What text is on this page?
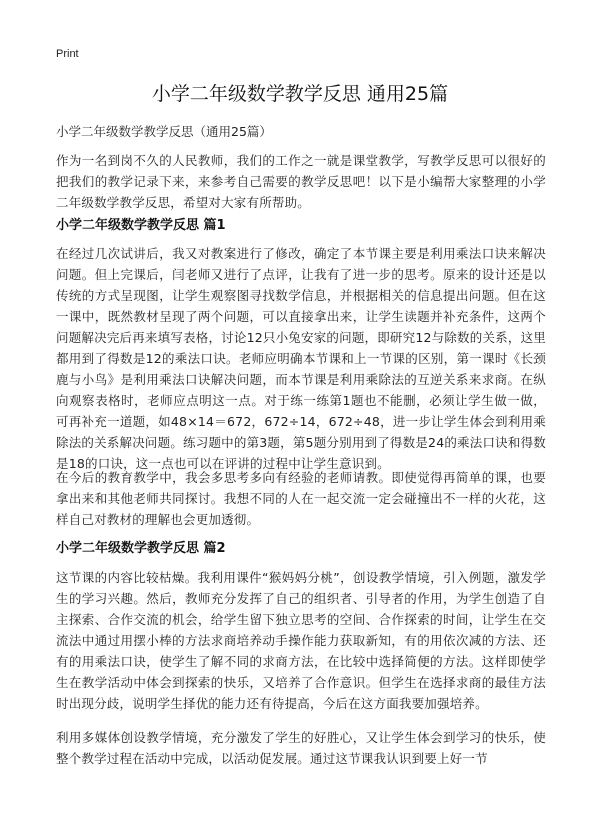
Print
小学二年级数学教学反思 通用25篇
小学二年级数学教学反思（通用25篇）

作为一名到岗不久的人民教师，我们的工作之一就是课堂教学，写教学反思可以很好的把我们的教学记录下来，来参考自己需要的教学反思吧！以下是小编帮大家整理的小学二年级数学教学反思，希望对大家有所帮助。

小学二年级数学教学反思 篇1

在经过几次试讲后，我又对教案进行了修改，确定了本节课主要是利用乘法口诀来解决问题。但上完课后，闫老师又进行了点评，让我有了进一步的思考。原来的设计还是以传统的方式呈现图，让学生观察图寻找数学信息，并根据相关的信息提出问题。但在这一课中，既然教材呈现了两个问题，可以直接拿出来，让学生读题并补充条件，这两个问题解决完后再来填写表格，讨论12只小兔安家的问题，即研究12与除数的关系，这里都用到了得数是12的乘法口诀。老师应明确本节课和上一节课的区别，第一课时《长颈鹿与小鸟》是利用乘法口诀解决问题，而本节课是利用乘除法的互逆关系来求商。在纵向观察表格时，老师应点明这一点。对于练一练第1题也不能删，必须让学生做一做，可再补充一道题，如48×14＝672，672÷14，672÷48，进一步让学生体会到利用乘除法的关系解决问题。练习题中的第3题，第5题分别用到了得数是24的乘法口诀和得数是18的口诀，这一点也可以在评讲的过程中让学生意识到。

在今后的教育教学中，我会多思考多向有经验的老师请教。即使觉得再简单的课，也要拿出来和其他老师共同探讨。我想不同的人在一起交流一定会碰撞出不一样的火花，这样自己对教材的理解也会更加透彻。

小学二年级数学教学反思 篇2

这节课的内容比较枯燥。我利用课件“猴妈妈分桃”，创设教学情境，引入例题，激发学生的学习兴趣。然后，教师充分发挥了自己的组织者、引导者的作用，为学生创造了自主探索、合作交流的机会，给学生留下独立思考的空间、合作探索的时间，让学生在交流法中通过用摆小棒的方法求商培养动手操作能力获取新知，有的用依次减的方法、还有的用乘法口诀，使学生了解不同的求商方法，在比较中选择简便的方法。这样即使学生在教学活动中体会到探索的快乐，又培养了合作意识。但学生在选择求商的最佳方法时出现分歧，说明学生择优的能力还有待提高，今后在这方面我要加强培养。

利用多媒体创设教学情境，充分激发了学生的好胜心，又让学生体会到学习的快乐，使整个教学过程在活动中完成，以活动促发展。通过这节课我认识到要上好一节
